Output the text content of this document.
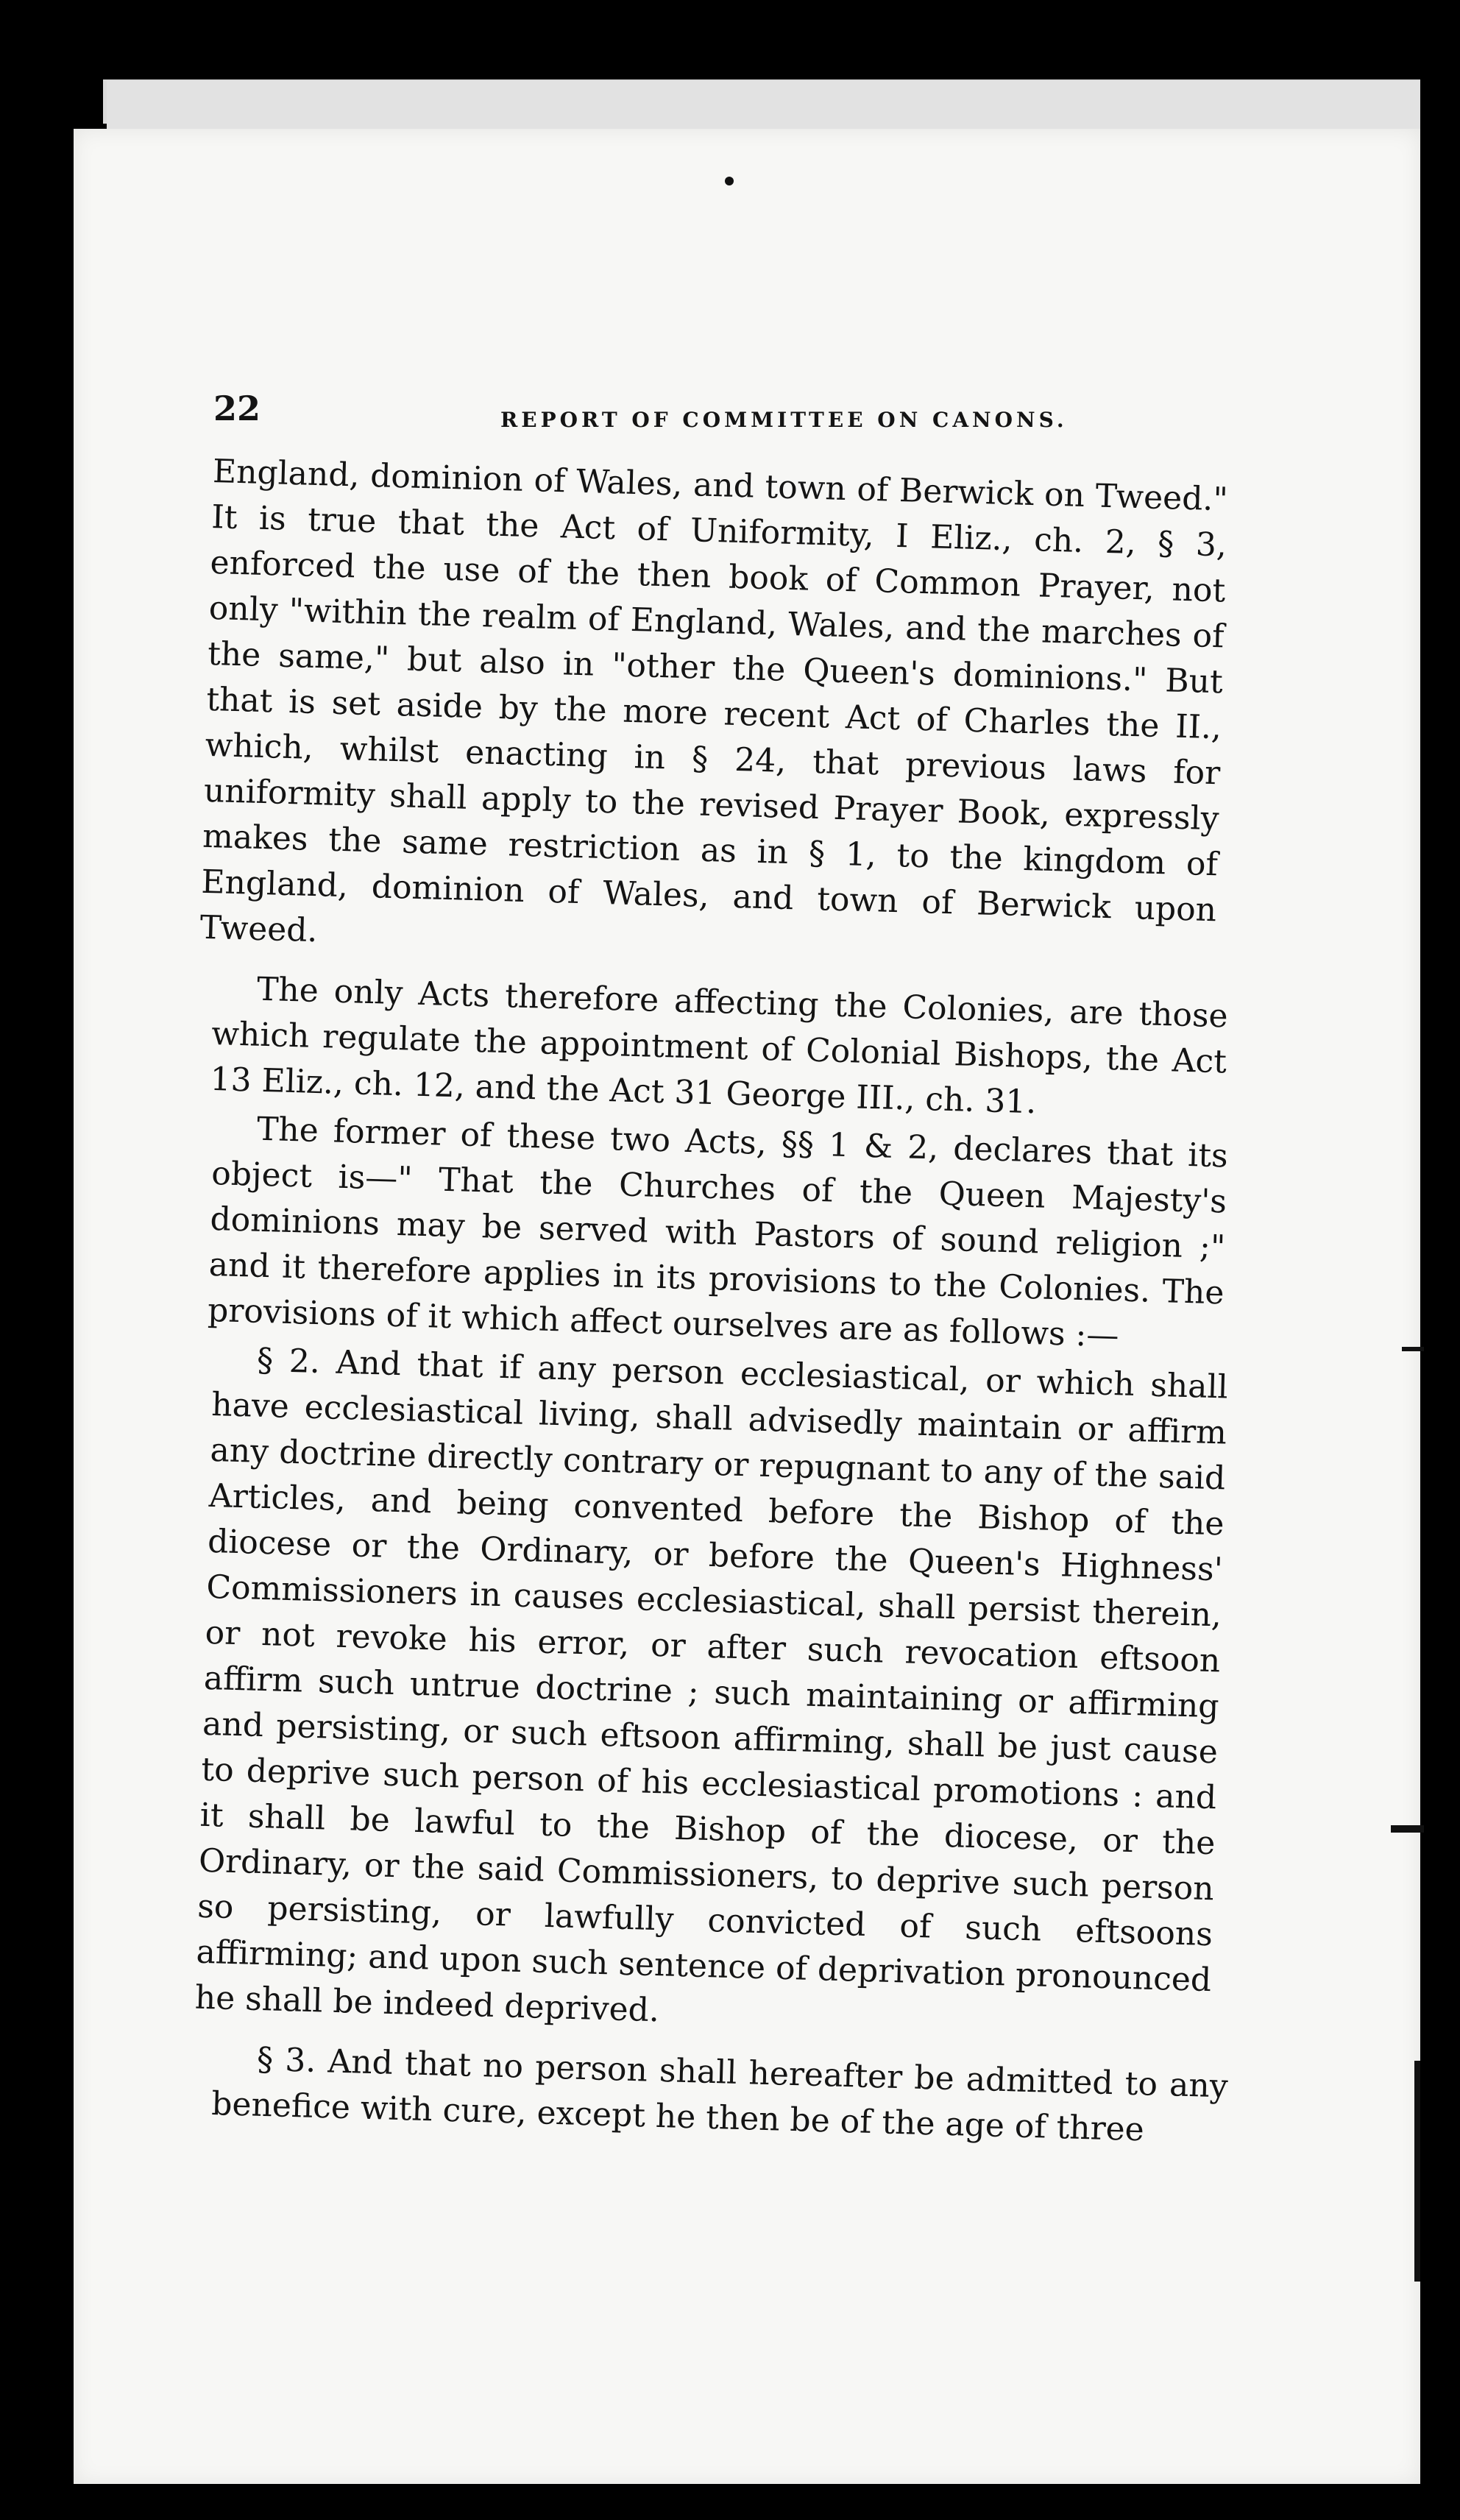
22	REPORT OF COMMITTEE ON CANONS.

England, dominion of Wales, and town of Berwick on Tweed." It is true that the Act of Uniformity, I Eliz., ch. 2, § 3, enforced the use of the then book of Common Prayer, not only "within the realm of England, Wales, and the marches of the same," but also in "other the Queen's dominions." But that is set aside by the more recent Act of Charles the II., which, whilst enacting in § 24, that previous laws for uniformity shall apply to the revised Prayer Book, expressly makes the same restriction as in § 1, to the kingdom of England, dominion of Wales, and town of Berwick upon Tweed.

The only Acts therefore affecting the Colonies, are those which regulate the appointment of Colonial Bishops, the Act 13 Eliz., ch. 12, and the Act 31 George III., ch. 31.

The former of these two Acts, §§ 1 & 2, declares that its object is—" That the Churches of the Queen Majesty's dominions may be served with Pastors of sound religion ;" and it therefore applies in its provisions to the Colonies. The provisions of it which affect ourselves are as follows :—

§ 2. And that if any person ecclesiastical, or which shall have ecclesiastical living, shall advisedly maintain or affirm any doctrine directly contrary or repugnant to any of the said Articles, and being convented before the Bishop of the diocese or the Ordinary, or before the Queen's Highness' Commissioners in causes ecclesiastical, shall persist therein, or not revoke his error, or after such revocation eftsoon affirm such untrue doctrine ; such maintaining or affirming and persisting, or such eftsoon affirming, shall be just cause to deprive such person of his ecclesiastical promotions : and it shall be lawful to the Bishop of the diocese, or the Ordinary, or the said Commissioners, to deprive such person so persisting, or lawfully convicted of such eftsoons affirming; and upon such sentence of deprivation pronounced he shall be indeed deprived.

§ 3. And that no person shall hereafter be admitted to any benefice with cure, except he then be of the age of three
